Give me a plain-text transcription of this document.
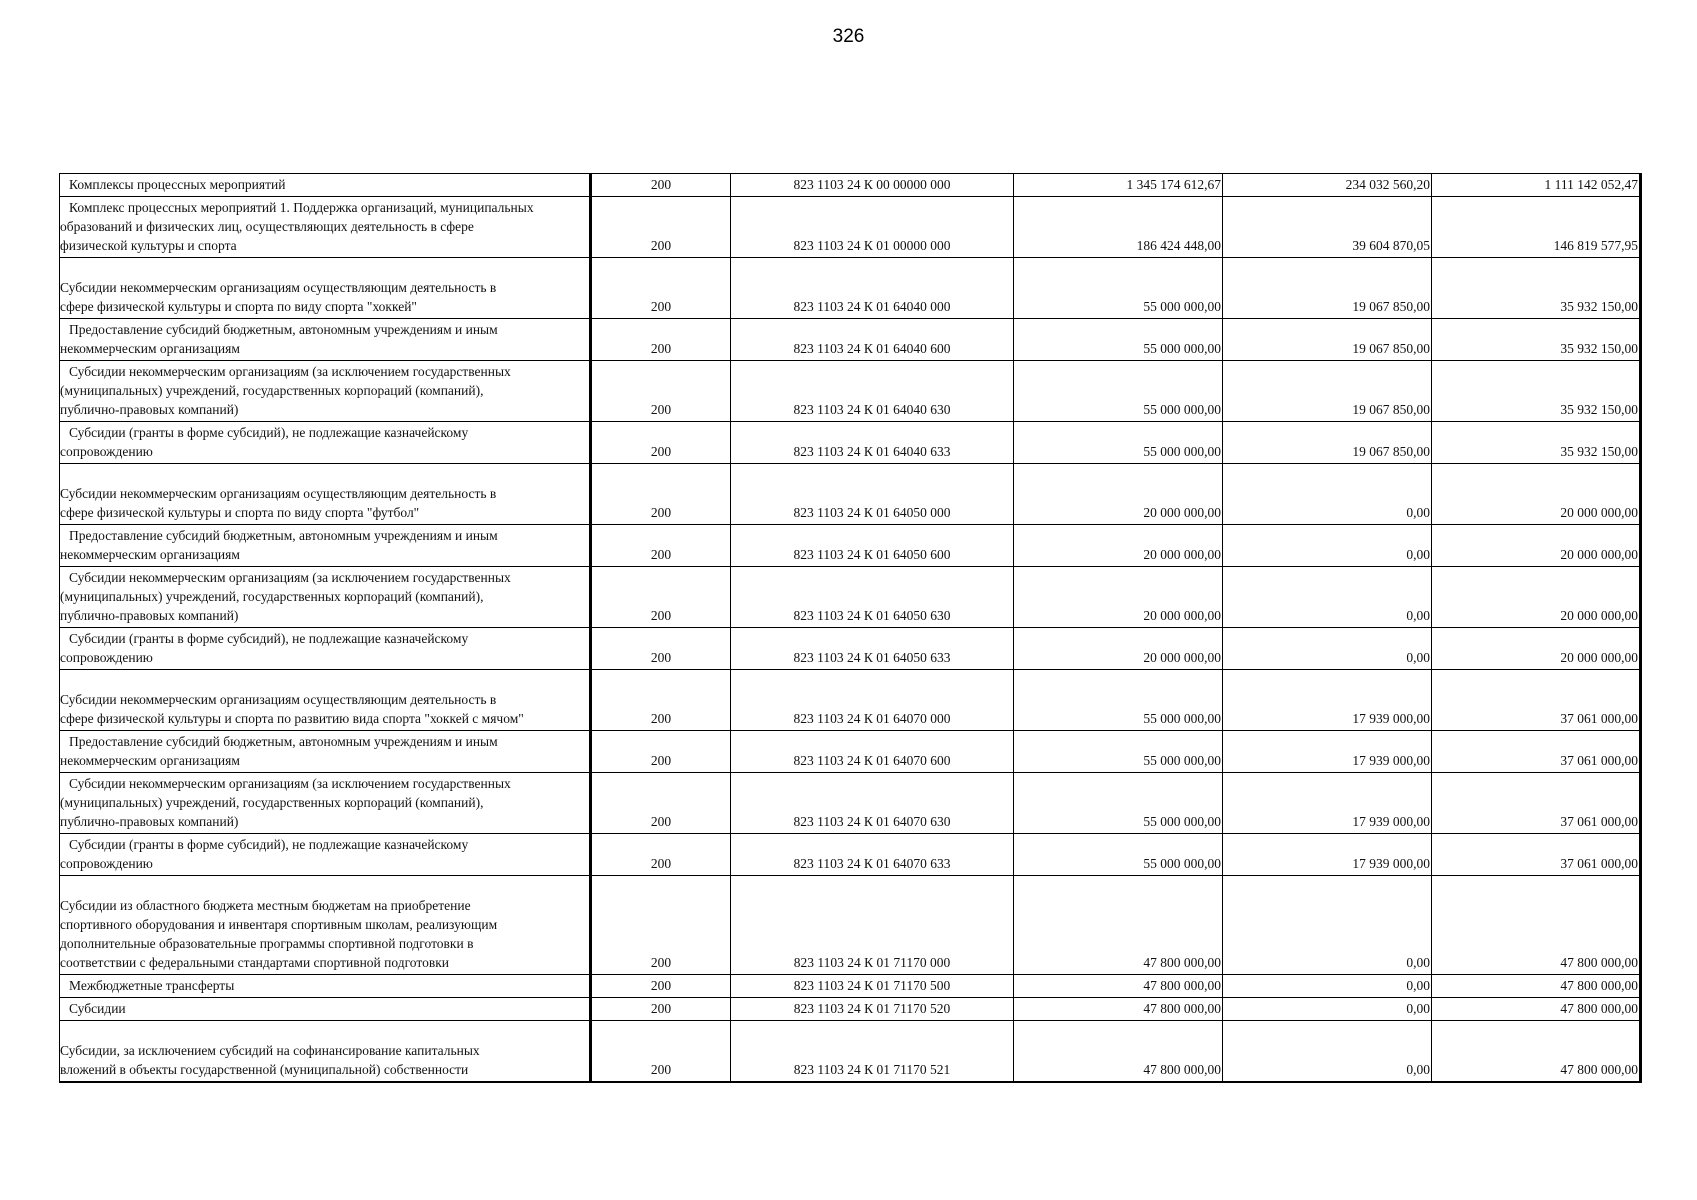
326
Комплексы процессных мероприятий	200	823 1103 24 К 00 00000 000	1 345 174 612,67	234 032 560,20	1 111 142 052,47

Комплекс процессных мероприятий 1. Поддержка организаций, муниципальных
образований и физических лиц, осуществляющих деятельность в сфере
физической культуры и спорта	200	823 1103 24 К 01 00000 000	186 424 448,00	39 604 870,05	146 819 577,95

Субсидии некоммерческим организациям осуществляющим деятельность в
сфере физической культуры и спорта по виду спорта "хоккей"	200	823 1103 24 К 01 64040 000	55 000 000,00	19 067 850,00	35 932 150,00

Предоставление субсидий бюджетным, автономным учреждениям и иным
некоммерческим организациям	200	823 1103 24 К 01 64040 600	55 000 000,00	19 067 850,00	35 932 150,00

Субсидии некоммерческим организациям (за исключением государственных
(муниципальных) учреждений, государственных корпораций (компаний),
публично-правовых компаний)	200	823 1103 24 К 01 64040 630	55 000 000,00	19 067 850,00	35 932 150,00

Субсидии (гранты в форме субсидий), не подлежащие казначейскому
сопровождению	200	823 1103 24 К 01 64040 633	55 000 000,00	19 067 850,00	35 932 150,00

Субсидии некоммерческим организациям осуществляющим деятельность в
сфере физической культуры и спорта по виду спорта "футбол"	200	823 1103 24 К 01 64050 000	20 000 000,00	0,00	20 000 000,00

Предоставление субсидий бюджетным, автономным учреждениям и иным
некоммерческим организациям	200	823 1103 24 К 01 64050 600	20 000 000,00	0,00	20 000 000,00

Субсидии некоммерческим организациям (за исключением государственных
(муниципальных) учреждений, государственных корпораций (компаний),
публично-правовых компаний)	200	823 1103 24 К 01 64050 630	20 000 000,00	0,00	20 000 000,00

Субсидии (гранты в форме субсидий), не подлежащие казначейскому
сопровождению	200	823 1103 24 К 01 64050 633	20 000 000,00	0,00	20 000 000,00

Субсидии некоммерческим организациям осуществляющим деятельность в
сфере физической культуры и спорта по развитию вида спорта "хоккей с мячом"	200	823 1103 24 К 01 64070 000	55 000 000,00	17 939 000,00	37 061 000,00

Предоставление субсидий бюджетным, автономным учреждениям и иным
некоммерческим организациям	200	823 1103 24 К 01 64070 600	55 000 000,00	17 939 000,00	37 061 000,00

Субсидии некоммерческим организациям (за исключением государственных
(муниципальных) учреждений, государственных корпораций (компаний),
публично-правовых компаний)	200	823 1103 24 К 01 64070 630	55 000 000,00	17 939 000,00	37 061 000,00

Субсидии (гранты в форме субсидий), не подлежащие казначейскому
сопровождению	200	823 1103 24 К 01 64070 633	55 000 000,00	17 939 000,00	37 061 000,00

Субсидии из областного бюджета местным бюджетам на приобретение
спортивного оборудования и инвентаря спортивным школам, реализующим
дополнительные образовательные программы спортивной подготовки в
соответствии с федеральными стандартами спортивной подготовки	200	823 1103 24 К 01 71170 000	47 800 000,00	0,00	47 800 000,00

Межбюджетные трансферты	200	823 1103 24 К 01 71170 500	47 800 000,00	0,00	47 800 000,00

Субсидии	200	823 1103 24 К 01 71170 520	47 800 000,00	0,00	47 800 000,00

Субсидии, за исключением субсидий на софинансирование капитальных
вложений в объекты государственной (муниципальной) собственности	200	823 1103 24 К 01 71170 521	47 800 000,00	0,00	47 800 000,00
